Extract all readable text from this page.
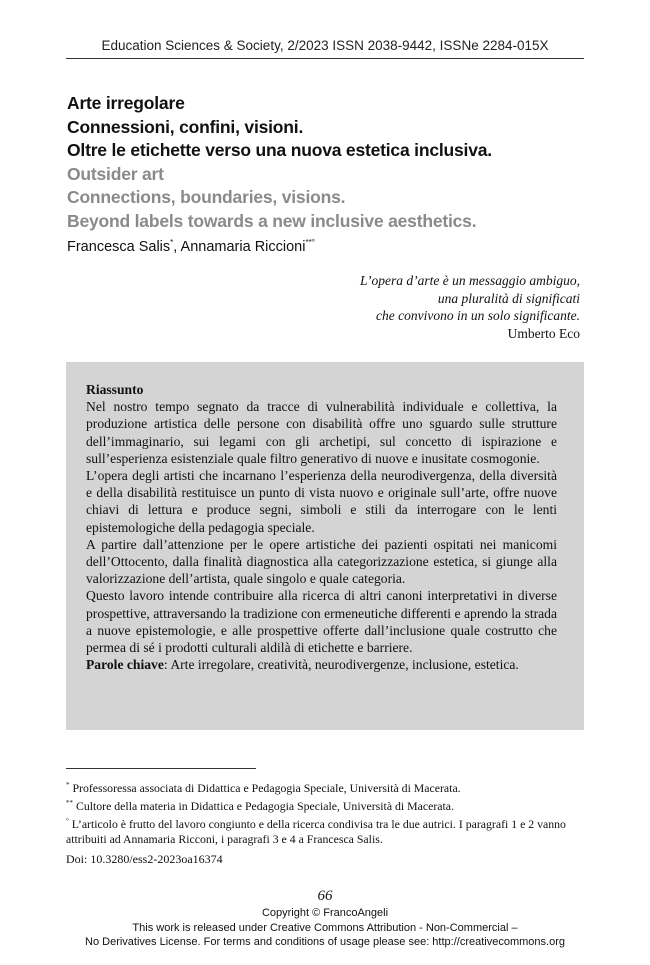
Education Sciences & Society, 2/2023 ISSN 2038-9442, ISSNe 2284-015X
Arte irregolare
Connessioni, confini, visioni.
Oltre le etichette verso una nuova estetica inclusiva.
Outsider art
Connections, boundaries, visions.
Beyond labels towards a new inclusive aesthetics.
Francesca Salis*, Annamaria Riccioni**°
L’opera d’arte è un messaggio ambiguo,
una pluralità di significati
che convivono in un solo significante.
Umberto Eco
Riassunto

Nel nostro tempo segnato da tracce di vulnerabilità individuale e collettiva, la produzione artistica delle persone con disabilità offre uno sguardo sulle strutture dell’immaginario, sui legami con gli archetipi, sul concetto di ispirazione e sull’esperienza esistenziale quale filtro generativo di nuove e inusitate cosmogonie.

L’opera degli artisti che incarnano l’esperienza della neurodivergenza, della diversità e della disabilità restituisce un punto di vista nuovo e originale sull’arte, offre nuove chiavi di lettura e produce segni, simboli e stili da interrogare con le lenti epistemologiche della pedagogia speciale.

A partire dall’attenzione per le opere artistiche dei pazienti ospitati nei manicomi dell’Ottocento, dalla finalità diagnostica alla categorizzazione estetica, si giunge alla valorizzazione dell’artista, quale singolo e quale categoria.

Questo lavoro intende contribuire alla ricerca di altri canoni interpretativi in diverse prospettive, attraversando la tradizione con ermeneutiche differenti e aprendo la strada a nuove epistemologie, e alle prospettive offerte dall’inclusione quale costrutto che permea di sé i prodotti culturali aldilà di etichette e barriere.

Parole chiave: Arte irregolare, creatività, neurodivergenze, inclusione, estetica.

* Professoressa associata di Didattica e Pedagogia Speciale, Università di Macerata.

** Cultore della materia in Didattica e Pedagogia Speciale, Università di Macerata.

° L’articolo è frutto del lavoro congiunto e della ricerca condivisa tra le due autrici. I paragrafi 1 e 2 vanno attribuiti ad Annamaria Ricconi, i paragrafi 3 e 4 a Francesca Salis.

Doi: 10.3280/ess2-2023oa16374
66
Copyright © FrancoAngeli
This work is released under Creative Commons Attribution - Non-Commercial –
No Derivatives License. For terms and conditions of usage please see: http://creativecommons.org
